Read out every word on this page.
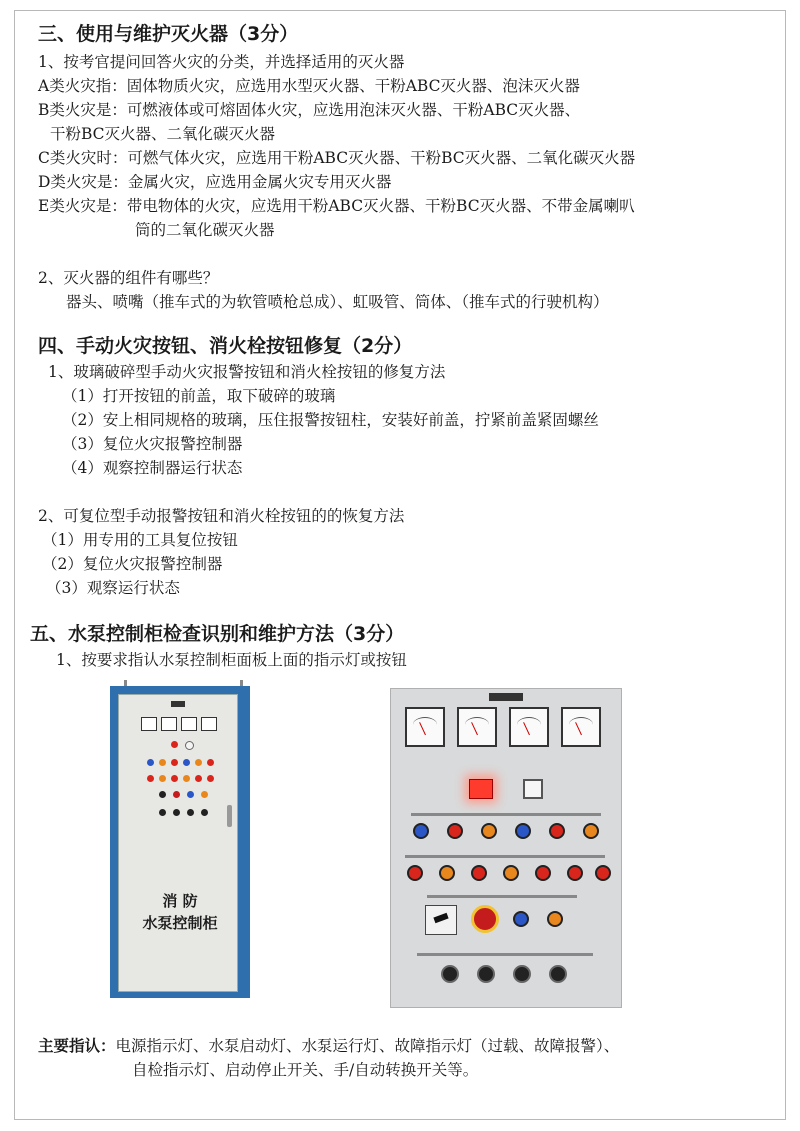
三、使用与维护灭火器（3分）
1、按考官提问回答火灾的分类，并选择适用的灭火器
A类火灾指：固体物质火灾，应选用水型灭火器、干粉ABC灭火器、泡沫灭火器
B类火灾是：可燃液体或可熔固体火灾，应选用泡沫灭火器、干粉ABC灭火器、
干粉BC灭火器、二氧化碳灭火器
C类火灾时：可燃气体火灾，应选用干粉ABC灭火器、干粉BC灭火器、二氧化碳灭火器
D类火灾是：金属火灾，应选用金属火灾专用灭火器
E类火灾是：带电物体的火灾，应选用干粉ABC灭火器、干粉BC灭火器、不带金属喇叭
筒的二氧化碳灭火器
2、灭火器的组件有哪些？
器头、喷嘴（推车式的为软管喷枪总成）、虹吸管、筒体、（推车式的行驶机构）
四、手动火灾按钮、消火栓按钮修复（2分）
1、玻璃破碎型手动火灾报警按钮和消火栓按钮的修复方法
（1）打开按钮的前盖，取下破碎的玻璃
（2）安上相同规格的玻璃，压住报警按钮柱，安装好前盖，拧紧前盖紧固螺丝
（3）复位火灾报警控制器
（4）观察控制器运行状态
2、可复位型手动报警按钮和消火栓按钮的的恢复方法
（1）用专用的工具复位按钮
（2）复位火灾报警控制器
（3）观察运行状态
五、水泵控制柜检查识别和维护方法（3分）
1、按要求指认水泵控制柜面板上面的指示灯或按钮
消 防
水泵控制柜
主要指认：电源指示灯、水泵启动灯、水泵运行灯、故障指示灯（过载、故障报警）、
自检指示灯、启动停止开关、手/自动转换开关等。
